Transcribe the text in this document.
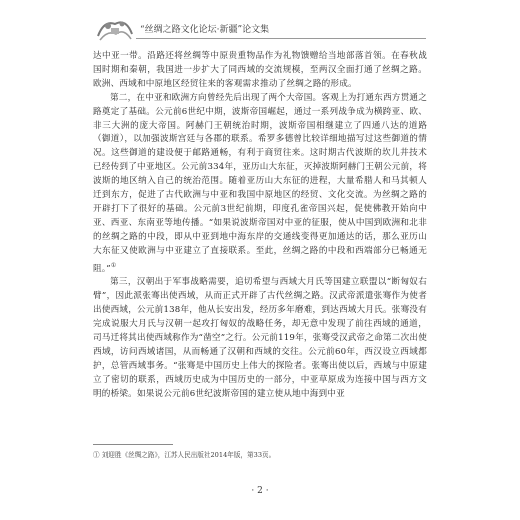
“丝绸之路文化论坛·新疆”论文集

达中亚一带。沿路还将丝绸等中原贵重物品作为礼物馈赠给当地部落首领。在春秋战国时期和秦朝，我国进一步扩大了同西域的交流规模，至两汉全面打通了丝绸之路。欧洲、西域和中原地区经贸往来的客观需求推动了丝绸之路的形成。

第二，在中亚和欧洲方向曾经先后出现了两个大帝国。客观上为打通东西方贯通之路奠定了基础。公元前6世纪中期，波斯帝国崛起，通过一系列战争成为横跨亚、欧、非三大洲的庞大帝国。阿赫门王朝统治时期，波斯帝国相继建立了四通八达的道路（御道），以加强波斯宫廷与各郡的联系。希罗多德曾比较详细地描写过这些御道的情况。这些御道的建设便于邮路通畅，有利于商贸往来。这时期古代波斯的坎儿井技术已经传到了中亚地区。公元前334年，亚历山大东征，灭掉波斯阿赫门王朝公元前，将波斯的地区纳入自己的统治范围。随着亚历山大东征的进程，大量希腊人和马其顿人迁到东方，促进了古代欧洲与中亚和我国中原地区的经贸、文化交流。为丝绸之路的开辟打下了很好的基础。公元前3世纪前期，印度孔雀帝国兴起，促使佛教开始向中亚、西亚、东南亚等地传播。“如果说波斯帝国对中亚的征服，使从中国到欧洲和北非的丝绸之路的中段，即从中亚到地中海东岸的交通线变得更加通达的话，那么亚历山大东征又使欧洲与中亚建立了直接联系。至此，丝绸之路的中段和西端部分已畅通无阻。”①

第三，汉朝出于军事战略需要，追切希望与西域大月氏等国建立联盟以“断匈奴右臂”，因此派张骞出使西域，从而正式开辟了古代丝绸之路。汉武帝派遣张骞作为使者出使西域，公元前138年，他从长安出发，经历多年磨难，到达西域大月氏。张骞没有完成说服大月氏与汉朝一起攻打匈奴的战略任务，却无意中发现了前往西域的通道，司马迁将其出使西域称作为“凿空”之行。公元前119年，张骞受汉武帝之命第二次出使西域，访问西域诸国，从而畅通了汉朝和西域的交往。公元前60年，西汉设立西域都护，总管西域事务。“张骞是中国历史上伟大的探险者。张骞出使以后，西域与中原建立了密切的联系，西域历史成为中国历史的一部分，中亚草原成为连接中国与西方文明的桥梁。如果说公元前6世纪波斯帝国的建立使从地中海到中亚

① 刘迎胜《丝绸之路》，江苏人民出版社2014年版，第33页。
· 2 ·
